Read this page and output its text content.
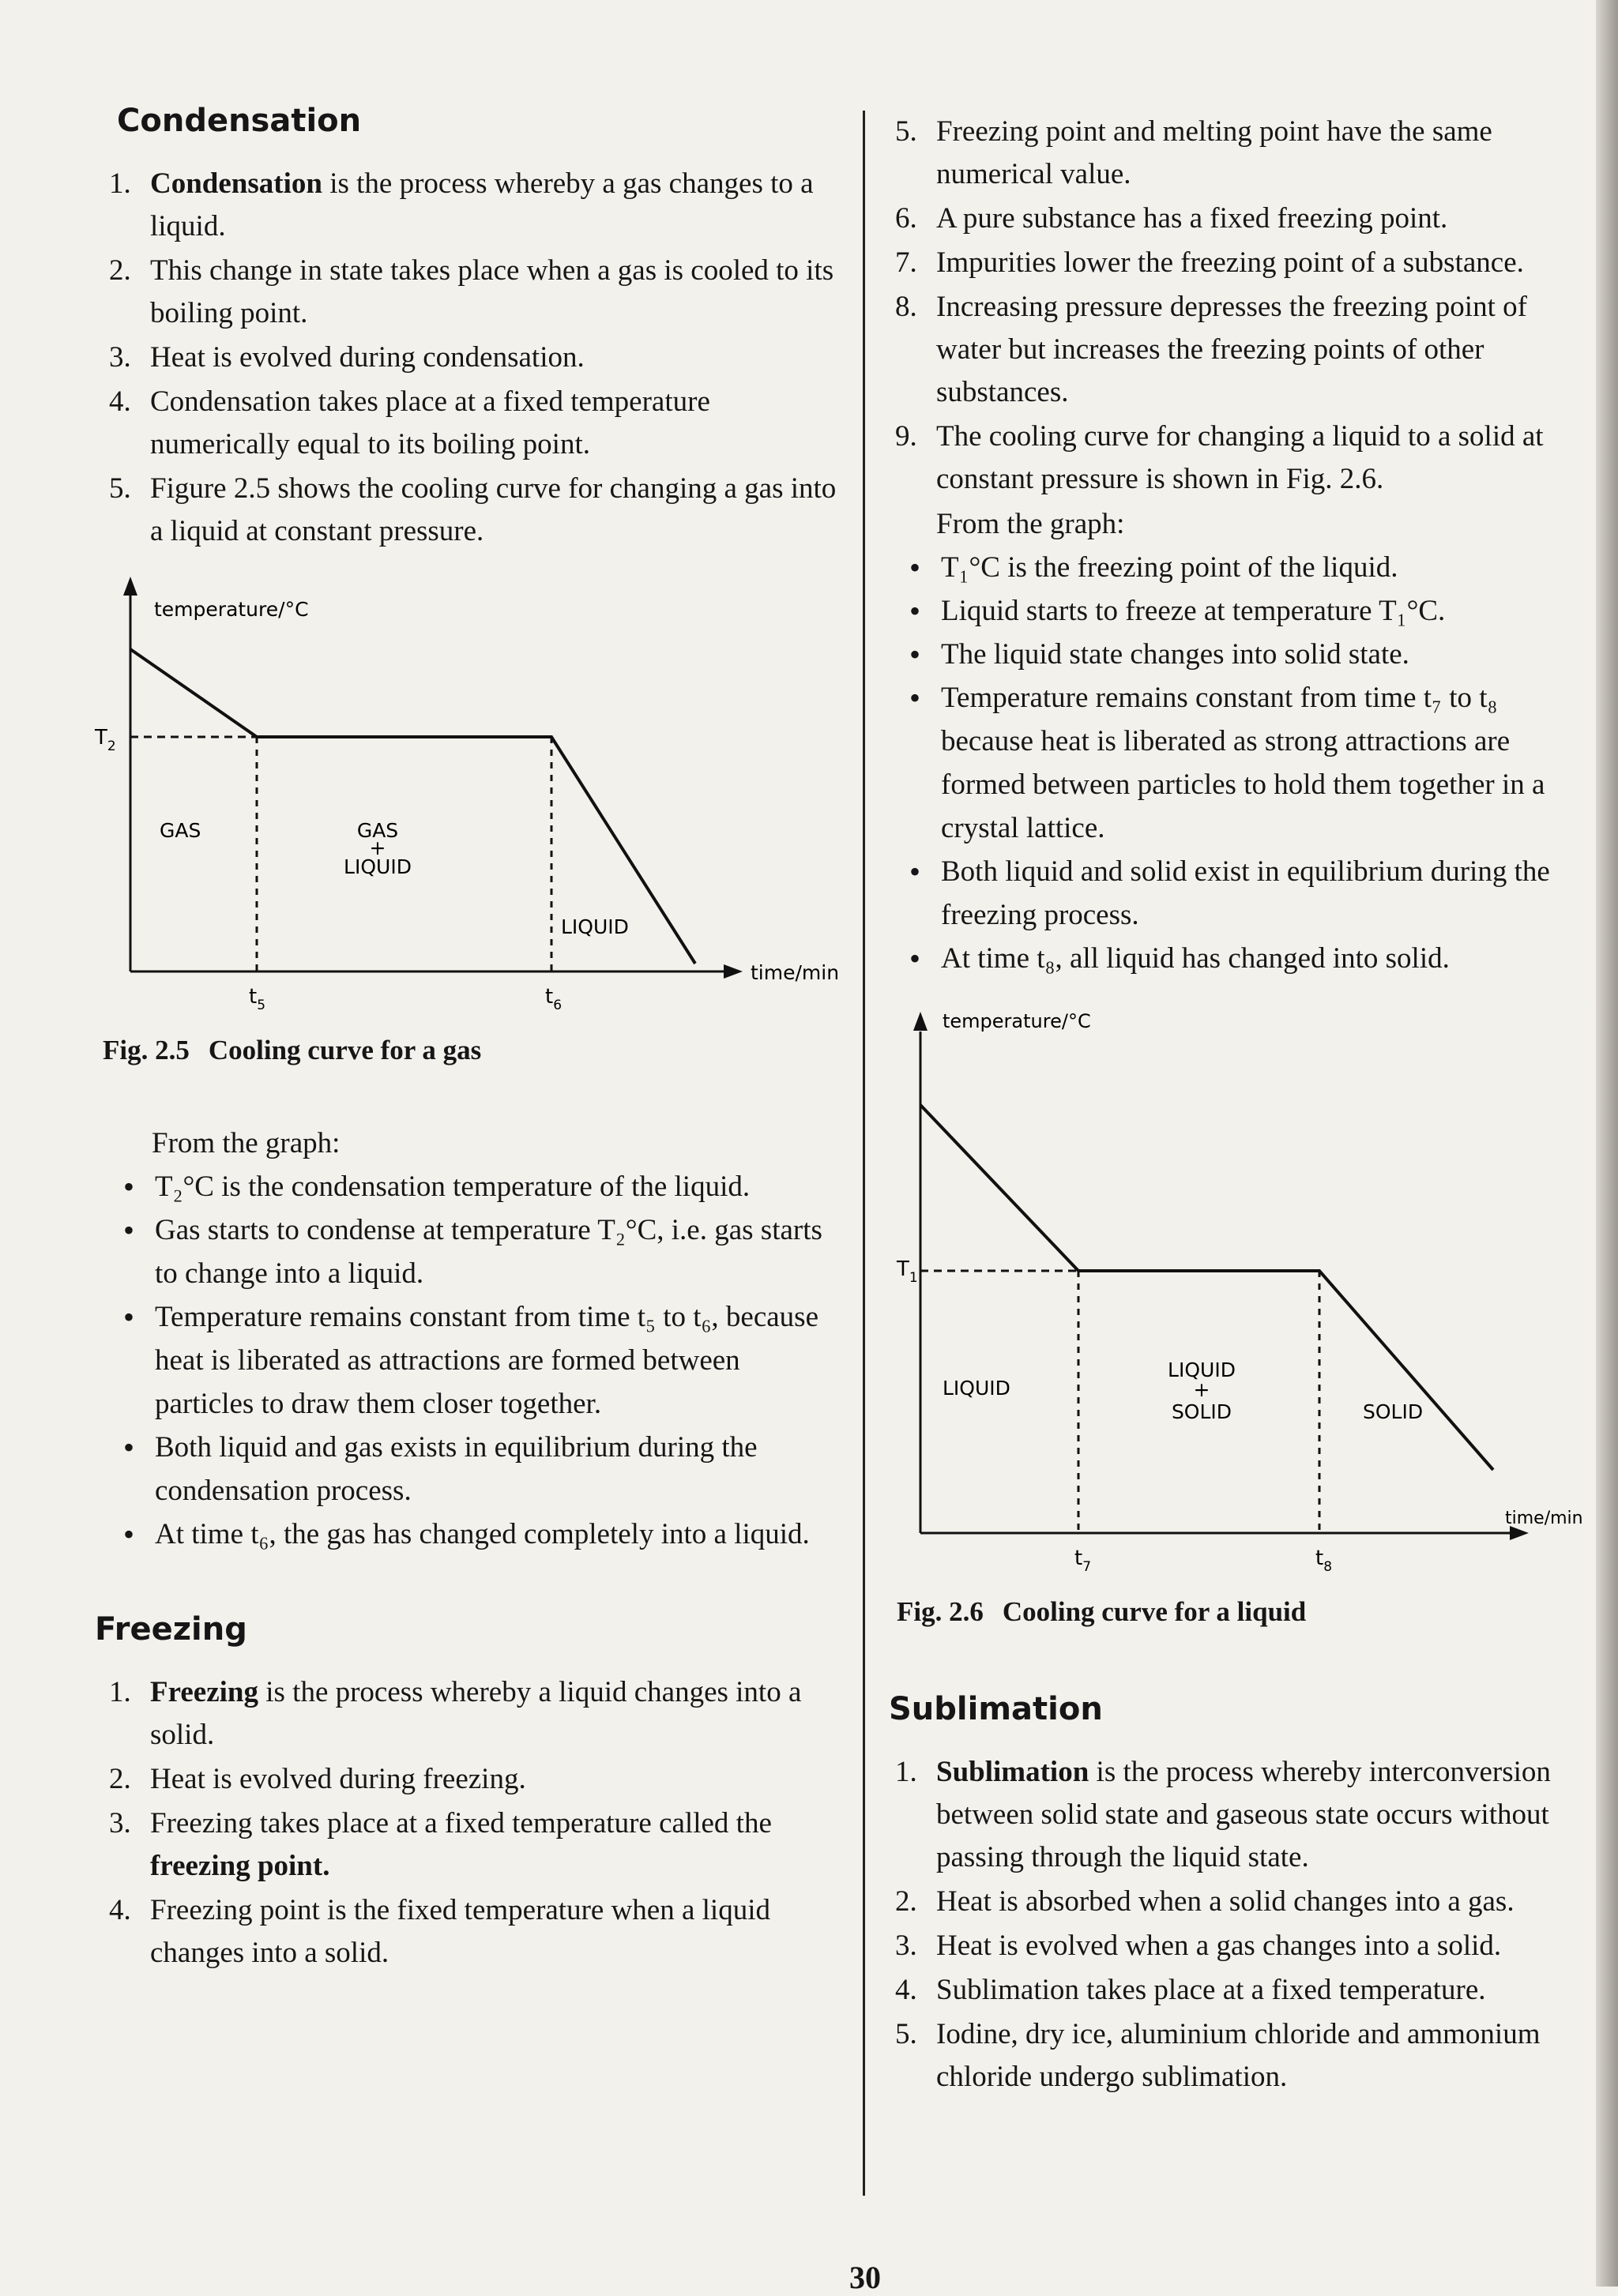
Condensation
1. Condensation is the process whereby a gas changes to a liquid.
2. This change in state takes place when a gas is cooled to its boiling point.
3. Heat is evolved during condensation.
4. Condensation takes place at a fixed temperature numerically equal to its boiling point.
5. Figure 2.5 shows the cooling curve for changing a gas into a liquid at constant pressure.
temperature/°C
time/min
$T_2$
$t_5$	$t_6$
GAS	GAS
+
LIQUID
LIQUID
Fig. 2.5 Cooling curve for a gas

From the graph:

• T₂°C is the condensation temperature of the liquid.
• Gas starts to condense at temperature T₂°C, i.e. gas starts to change into a liquid.
• Temperature remains constant from time t₅ to t₆, because heat is liberated as attractions are formed between particles to draw them closer together.
• Both liquid and gas exists in equilibrium during the condensation process.
• At time t₆, the gas has changed completely into a liquid.
Freezing
1. Freezing is the process whereby a liquid changes into a solid.
2. Heat is evolved during freezing.
3. Freezing takes place at a fixed temperature called the freezing point.
4. Freezing point is the fixed temperature when a liquid changes into a solid.
5. Freezing point and melting point have the same numerical value.
6. A pure substance has a fixed freezing point.
7. Impurities lower the freezing point of a substance.
8. Increasing pressure depresses the freezing point of water but increases the freezing points of other substances.
9. The cooling curve for changing a liquid to a solid at constant pressure is shown in Fig. 2.6.

From the graph:

• T₁°C is the freezing point of the liquid.
• Liquid starts to freeze at temperature T₁°C.
• The liquid state changes into solid state.
• Temperature remains constant from time t₇ to t₈ because heat is liberated as strong attractions are formed between particles to hold them together in a crystal lattice.
• Both liquid and solid exist in equilibrium during the freezing process.
• At time t₈, all liquid has changed into solid.
temperature/°C
time/min
$T_1$
$t_7$	$t_8$
LIQUID
LIQUID
+
SOLID	SOLID
Fig. 2.6 Cooling curve for a liquid
Sublimation
1. Sublimation is the process whereby interconversion between solid state and gaseous state occurs without passing through the liquid state.
2. Heat is absorbed when a solid changes into a gas.
3. Heat is evolved when a gas changes into a solid.
4. Sublimation takes place at a fixed temperature.
5. Iodine, dry ice, aluminium chloride and ammonium chloride undergo sublimation.
30
